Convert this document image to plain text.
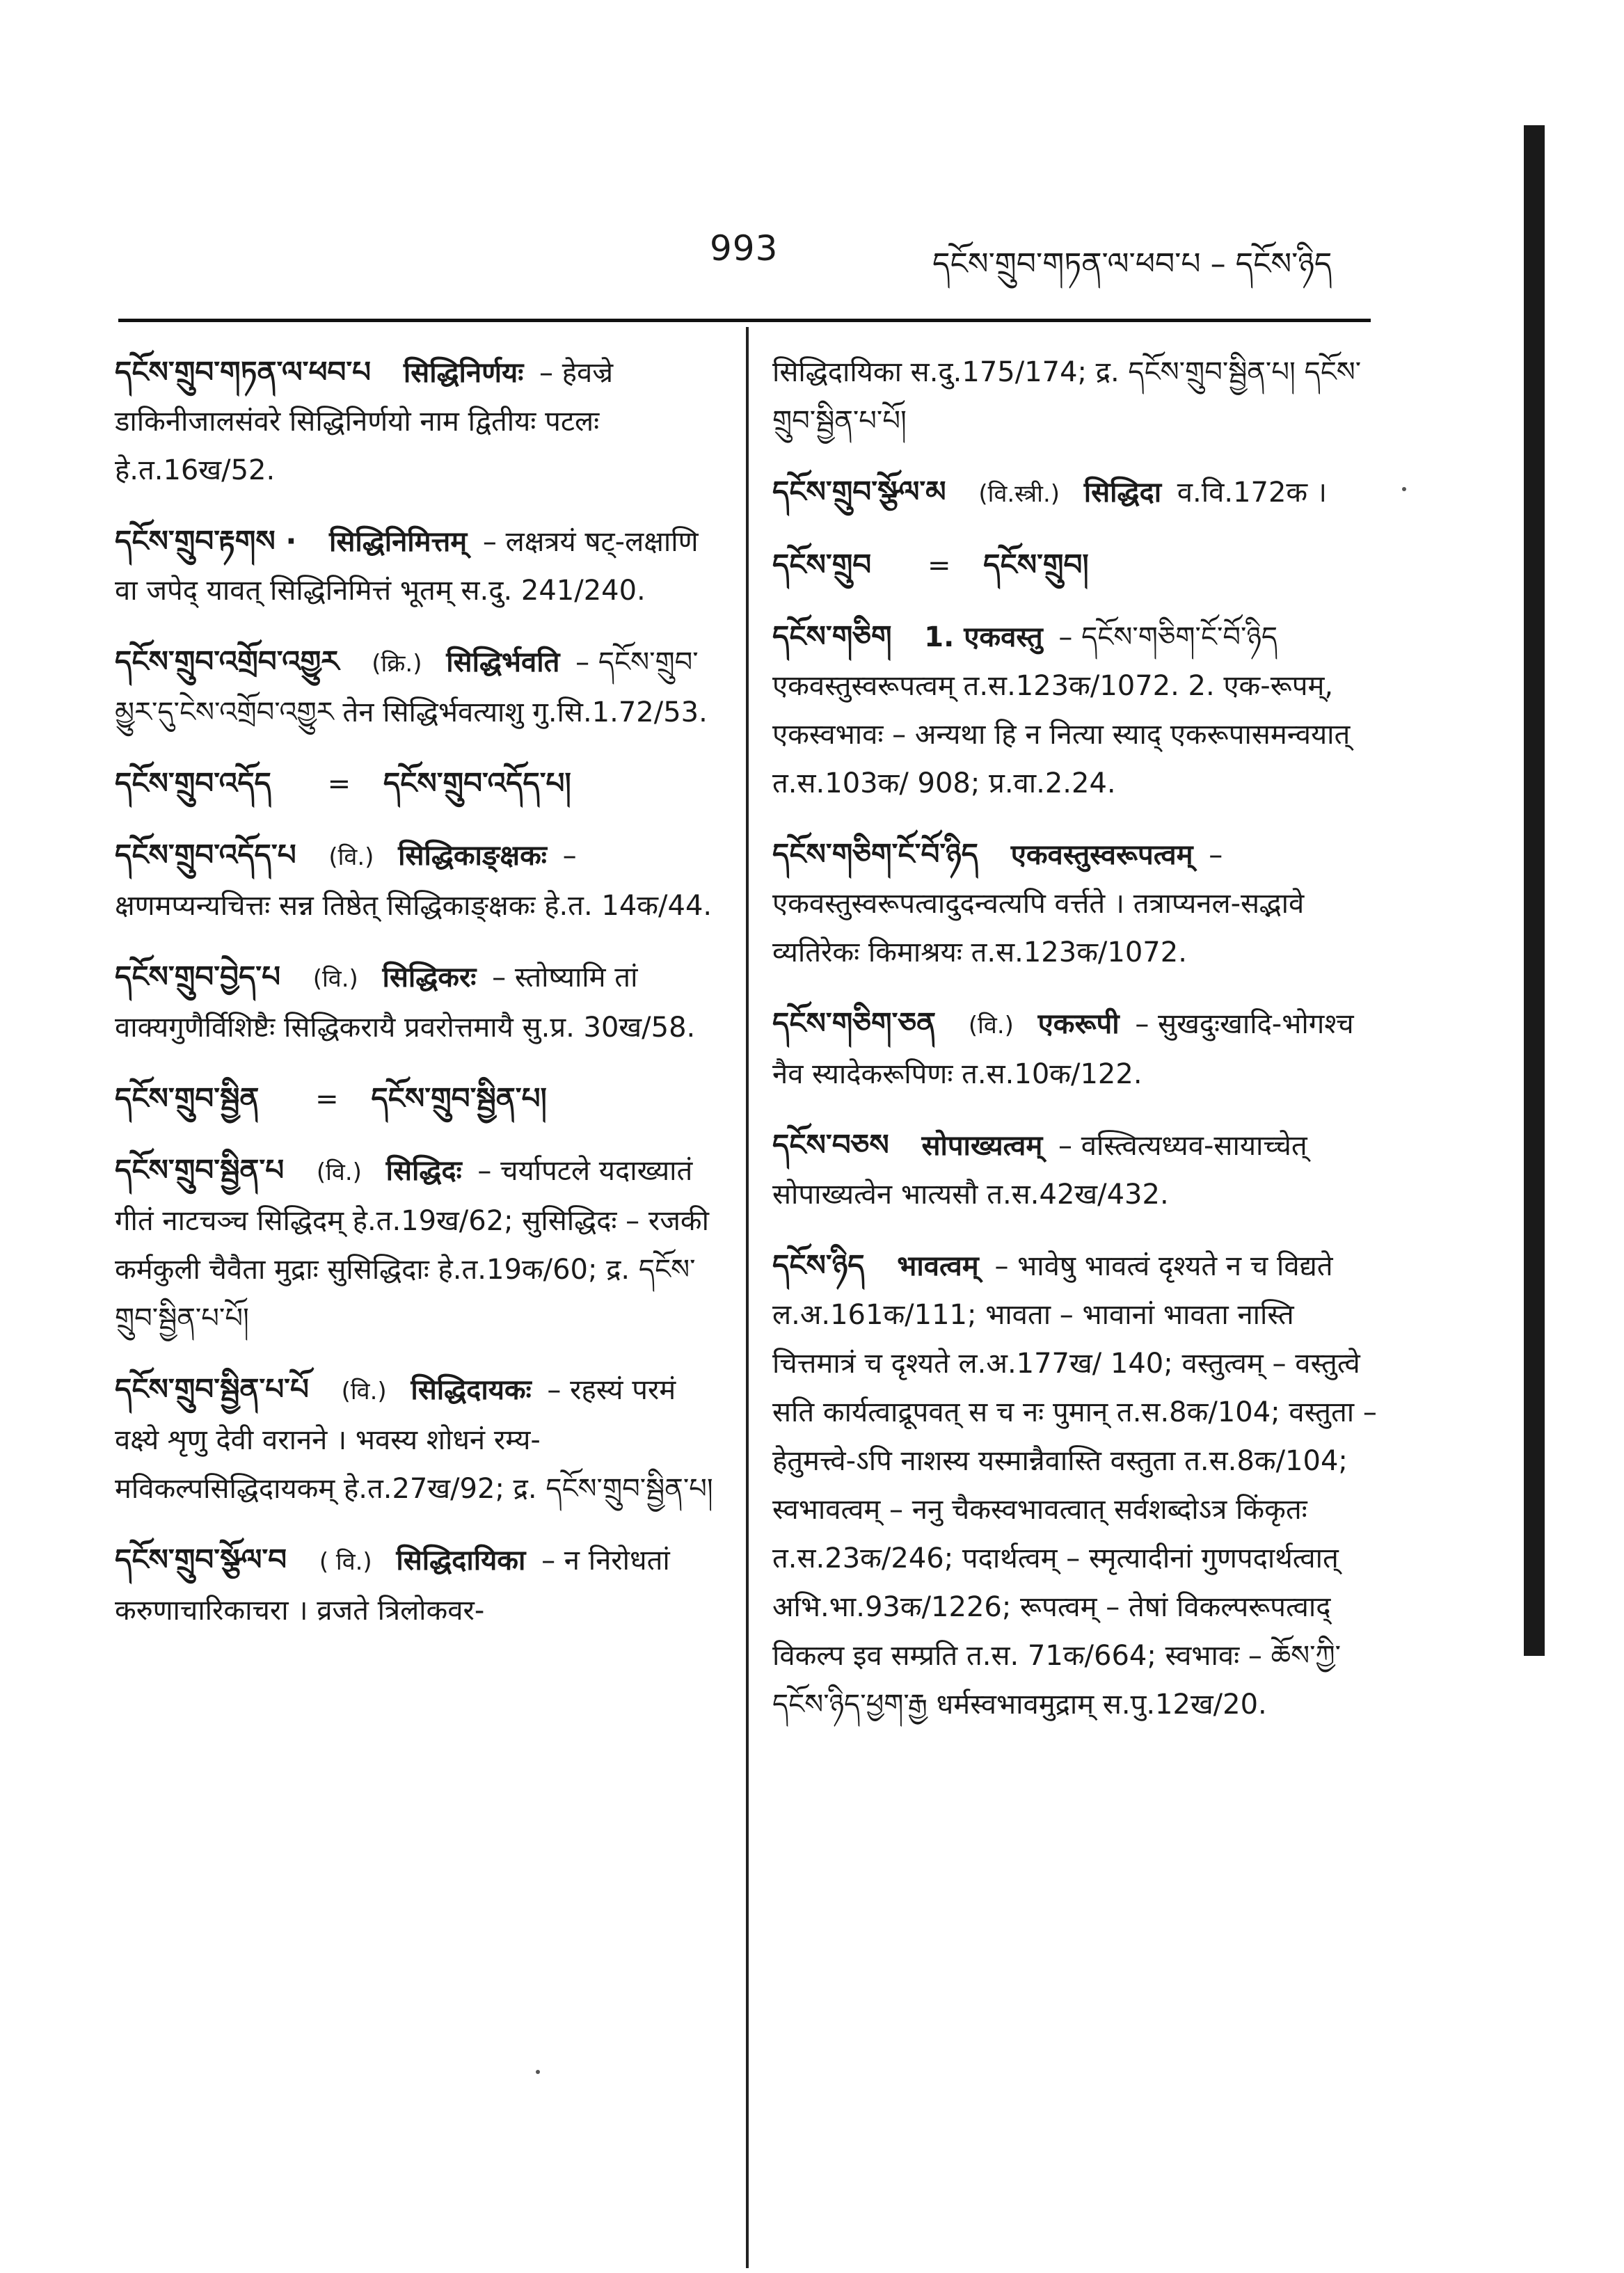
993	དངོས་གྲུབ་གཏན་ལ་ཕབ་པ – དངོས་ཉིད
དངོས་གྲུབ་གཏན་ལ་ཕབ་པ सिद्धिनिर्णयः – हेवज्रे डाकिनीजालसंवरे सिद्धिनिर्णयो नाम द्वितीयः पटलः हे.त.16ख/52.
དངོས་གྲུབ་རྟགས · सिद्धिनिमित्तम् – लक्षत्रयं षट्-लक्षाणि वा जपेद् यावत् सिद्धिनिमित्तं भूतम् स.दु. 241/240.
དངོས་གྲུབ་འགྲོབ་འགྱུར (क्रि.) सिद्धिर्भवति – དངོས་གྲུབ་མྱུར་དུ་ངེས་འགྲོབ་འགྱུར तेन सिद्धिर्भवत्याशु गु.सि.1.72/53.
དངོས་གྲུབ་འདོད = དངོས་གྲུབ་འདོད་པ།
དངོས་གྲུབ་འདོད་པ (वि.) सिद्धिकाङ्क्षकः – क्षणमप्यन्यचित्तः सन्न तिष्ठेत् सिद्धिकाङ्क्षकः हे.त. 14क/44.
དངོས་གྲུབ་བྱེད་པ (वि.) सिद्धिकरः – स्तोष्यामि तां वाक्यगुणैर्विशिष्टैः सिद्धिकरायै प्रवरोत्तमायै सु.प्र. 30ख/58.
དངོས་གྲུབ་སྦྱིན = དངོས་གྲུབ་སྦྱིན་པ།
དངོས་གྲུབ་སྦྱིན་པ (वि.) सिद्धिदः – चर्यापटले यदाख्यातं गीतं नाटचञ्च सिद्धिदम् हे.त.19ख/62; सुसिद्धिदः – रजकी कर्मकुली चैवैता मुद्राः सुसिद्धिदाः हे.त.19क/60; द्र. དངོས་གྲུབ་སྦྱིན་པ་པོ།
དངོས་གྲུབ་སྦྱིན་པ་པོ (वि.) सिद्धिदायकः – रहस्यं परमं वक्ष्ये शृणु देवी वरानने । भवस्य शोधनं रम्य-मविकल्पसिद्धिदायकम् हे.त.27ख/92; द्र. དངོས་གྲུབ་སྦྱིན་པ།
དངོས་གྲུབ་སྩོལ་བ ( वि.) सिद्धिदायिका – न निरोधतां करुणाचारिकाचरा । व्रजते त्रिलोकवर-
सिद्धिदायिका स.दु.175/174; द्र. དངོས་གྲུབ་སྦྱིན་པ། དངོས་གྲུབ་སྦྱིན་པ་པོ།
དངོས་གྲུབ་སྩོལ་མ (वि.स्त्री.) सिद्धिदा व.वि.172क ।
དངོས་གྲུབ = དངོས་གྲུབ།
དངོས་གཅིག 1. एकवस्तु – དངོས་གཅིག་ངོ་བོ་ཉིད एकवस्तुस्वरूपत्वम् त.स.123क/1072. 2. एक-रूपम्, एकस्वभावः – अन्यथा हि न नित्या स्याद् एकरूपासमन्वयात् त.स.103क/ 908; प्र.वा.2.24.
དངོས་གཅིག་ངོ་བོ་ཉིད एकवस्तुस्वरूपत्वम् – एकवस्तुस्वरूपत्वादुदन्वत्यपि वर्त्तते । तत्राप्यनल-सद्भावे व्यतिरेकः किमाश्रयः त.स.123क/1072.
དངོས་གཅིག་ཅན (वि.) एकरूपी – सुखदुःखादि-भोगश्च नैव स्यादेकरूपिणः त.स.10क/122.
དངོས་བཅས सोपाख्यत्वम् – वस्त्वित्यध्यव-सायाच्चेत् सोपाख्यत्वेन भात्यसौ त.स.42ख/432.
དངོས་ཉིད भावत्वम् – भावेषु भावत्वं दृश्यते न च विद्यते ल.अ.161क/111; भावता – भावानां भावता नास्ति चित्तमात्रं च दृश्यते ल.अ.177ख/ 140; वस्तुत्वम् – वस्तुत्वे सति कार्यत्वाद्रूपवत् स च नः पुमान् त.स.8क/104; वस्तुता – हेतुमत्त्वे-ऽपि नाशस्य यस्मान्नैवास्ति वस्तुता त.स.8क/104; स्वभावत्वम् – ननु चैकस्वभावत्वात् सर्वशब्दोऽत्र किंकृतः त.स.23क/246; पदार्थत्वम् – स्मृत्यादीनां गुणपदार्थत्वात् अभि.भा.93क/1226; रूपत्वम् – तेषां विकल्परूपत्वाद् विकल्प इव सम्प्रति त.स. 71क/664; स्वभावः – ཆོས་ཀྱི་དངོས་ཉིད་ཕྱག་རྒྱ धर्मस्वभावमुद्राम् स.पु.12ख/20.
